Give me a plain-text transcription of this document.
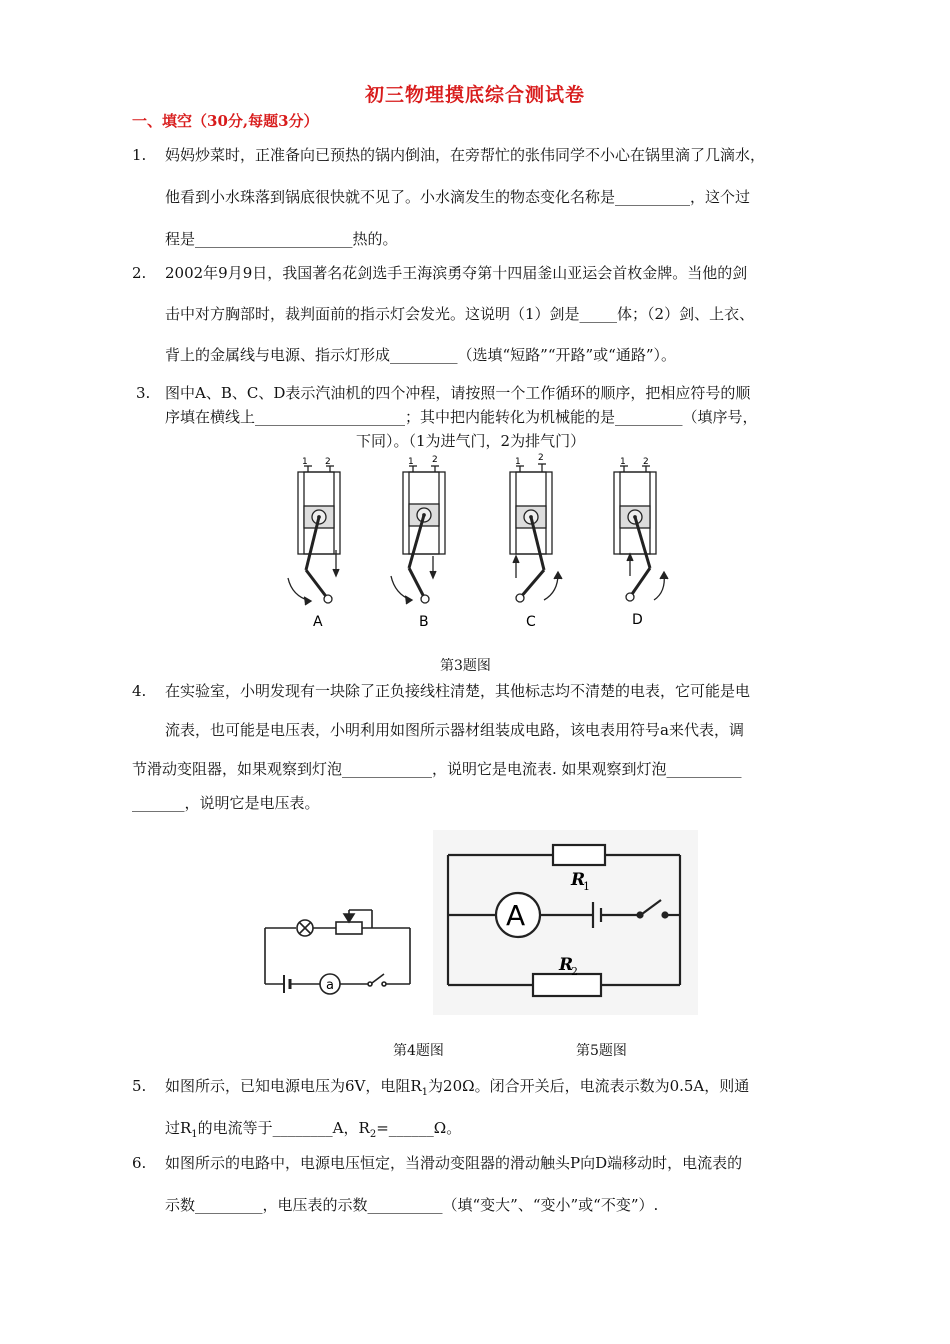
初三物理摸底综合测试卷
一、填空（30分,每题3分）
1. 妈妈炒菜时，正准备向已预热的锅内倒油，在旁帮忙的张伟同学不小心在锅里滴了几滴水，
他看到小水珠落到锅底很快就不见了。小水滴发生的物态变化名称是__________，这个过
程是_____________________热的。
2. 2002年9月9日，我国著名花剑选手王海滨勇夺第十四届釜山亚运会首枚金牌。当他的剑
击中对方胸部时，裁判面前的指示灯会发光。这说明（1）剑是_____体；（2）剑、上衣、
背上的金属线与电源、指示灯形成_________（选填“短路”“开路”或“通路”）。
3. 图中A、B、C、D表示汽油机的四个冲程，请按照一个工作循环的顺序，把相应符号的顺
序填在横线上____________________；其中把内能转化为机械能的是_________（填序号，
下同）。（1为进气门，2为排气门）
1 2
A
1 2
B
1 2
C
1 2
D
第3题图
4. 在实验室，小明发现有一块除了正负接线柱清楚，其他标志均不清楚的电表，它可能是电
流表，也可能是电压表，小明利用如图所示器材组装成电路，该电表用符号a来代表，调
节滑动变阻器，如果观察到灯泡____________，说明它是电流表. 如果观察到灯泡__________
_______，说明它是电压表。
a
A
R
1
R
2
第4题图	第5题图
5. 如图所示，已知电源电压为6V，电阻$R_1$为20Ω。闭合开关后，电流表示数为0.5A，则通
过$R_1$的电流等于________A，$R_2=\_\_\_\_\_\_\Omega$。
6. 如图所示的电路中，电源电压恒定，当滑动变阻器的滑动触头P向D端移动时，电流表的
示数_________，电压表的示数__________（填“变大”、“变小”或“不变”）.
